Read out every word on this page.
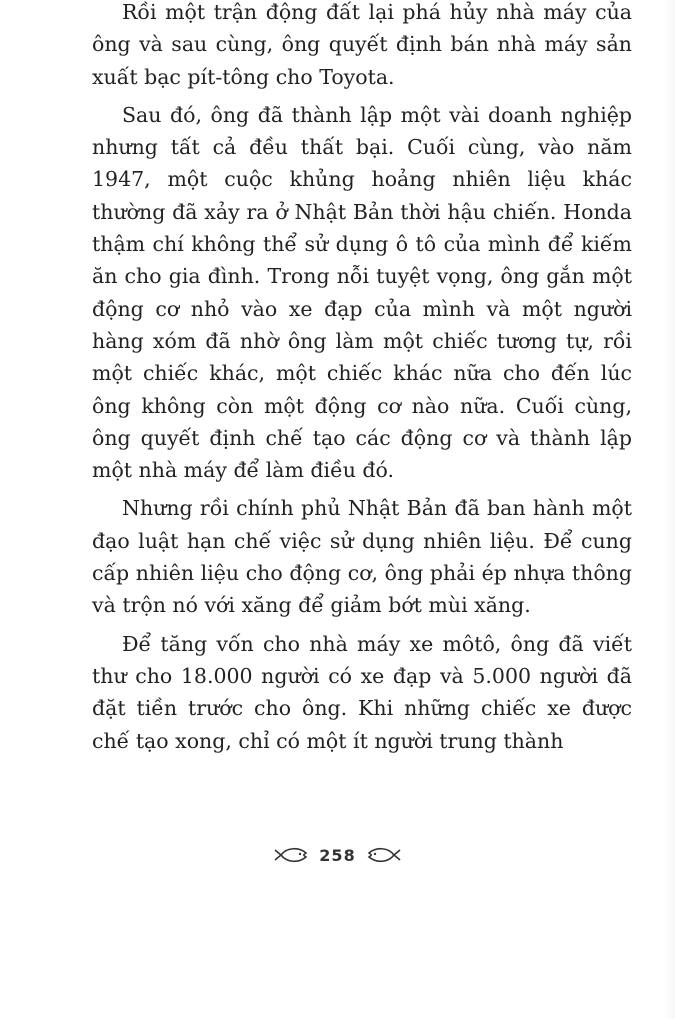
Rồi một trận động đất lại phá hủy nhà máy của ông và sau cùng, ông quyết định bán nhà máy sản xuất bạc pít-tông cho Toyota.

Sau đó, ông đã thành lập một vài doanh nghiệp nhưng tất cả đều thất bại. Cuối cùng, vào năm 1947, một cuộc khủng hoảng nhiên liệu khác thường đã xảy ra ở Nhật Bản thời hậu chiến. Honda thậm chí không thể sử dụng ô tô của mình để kiếm ăn cho gia đình. Trong nỗi tuyệt vọng, ông gắn một động cơ nhỏ vào xe đạp của mình và một người hàng xóm đã nhờ ông làm một chiếc tương tự, rồi một chiếc khác, một chiếc khác nữa cho đến lúc ông không còn một động cơ nào nữa. Cuối cùng, ông quyết định chế tạo các động cơ và thành lập một nhà máy để làm điều đó.

Nhưng rồi chính phủ Nhật Bản đã ban hành một đạo luật hạn chế việc sử dụng nhiên liệu. Để cung cấp nhiên liệu cho động cơ, ông phải ép nhựa thông và trộn nó với xăng để giảm bớt mùi xăng.

Để tăng vốn cho nhà máy xe môtô, ông đã viết thư cho 18.000 người có xe đạp và 5.000 người đã đặt tiền trước cho ông. Khi những chiếc xe được chế tạo xong, chỉ có một ít người trung thành

258
